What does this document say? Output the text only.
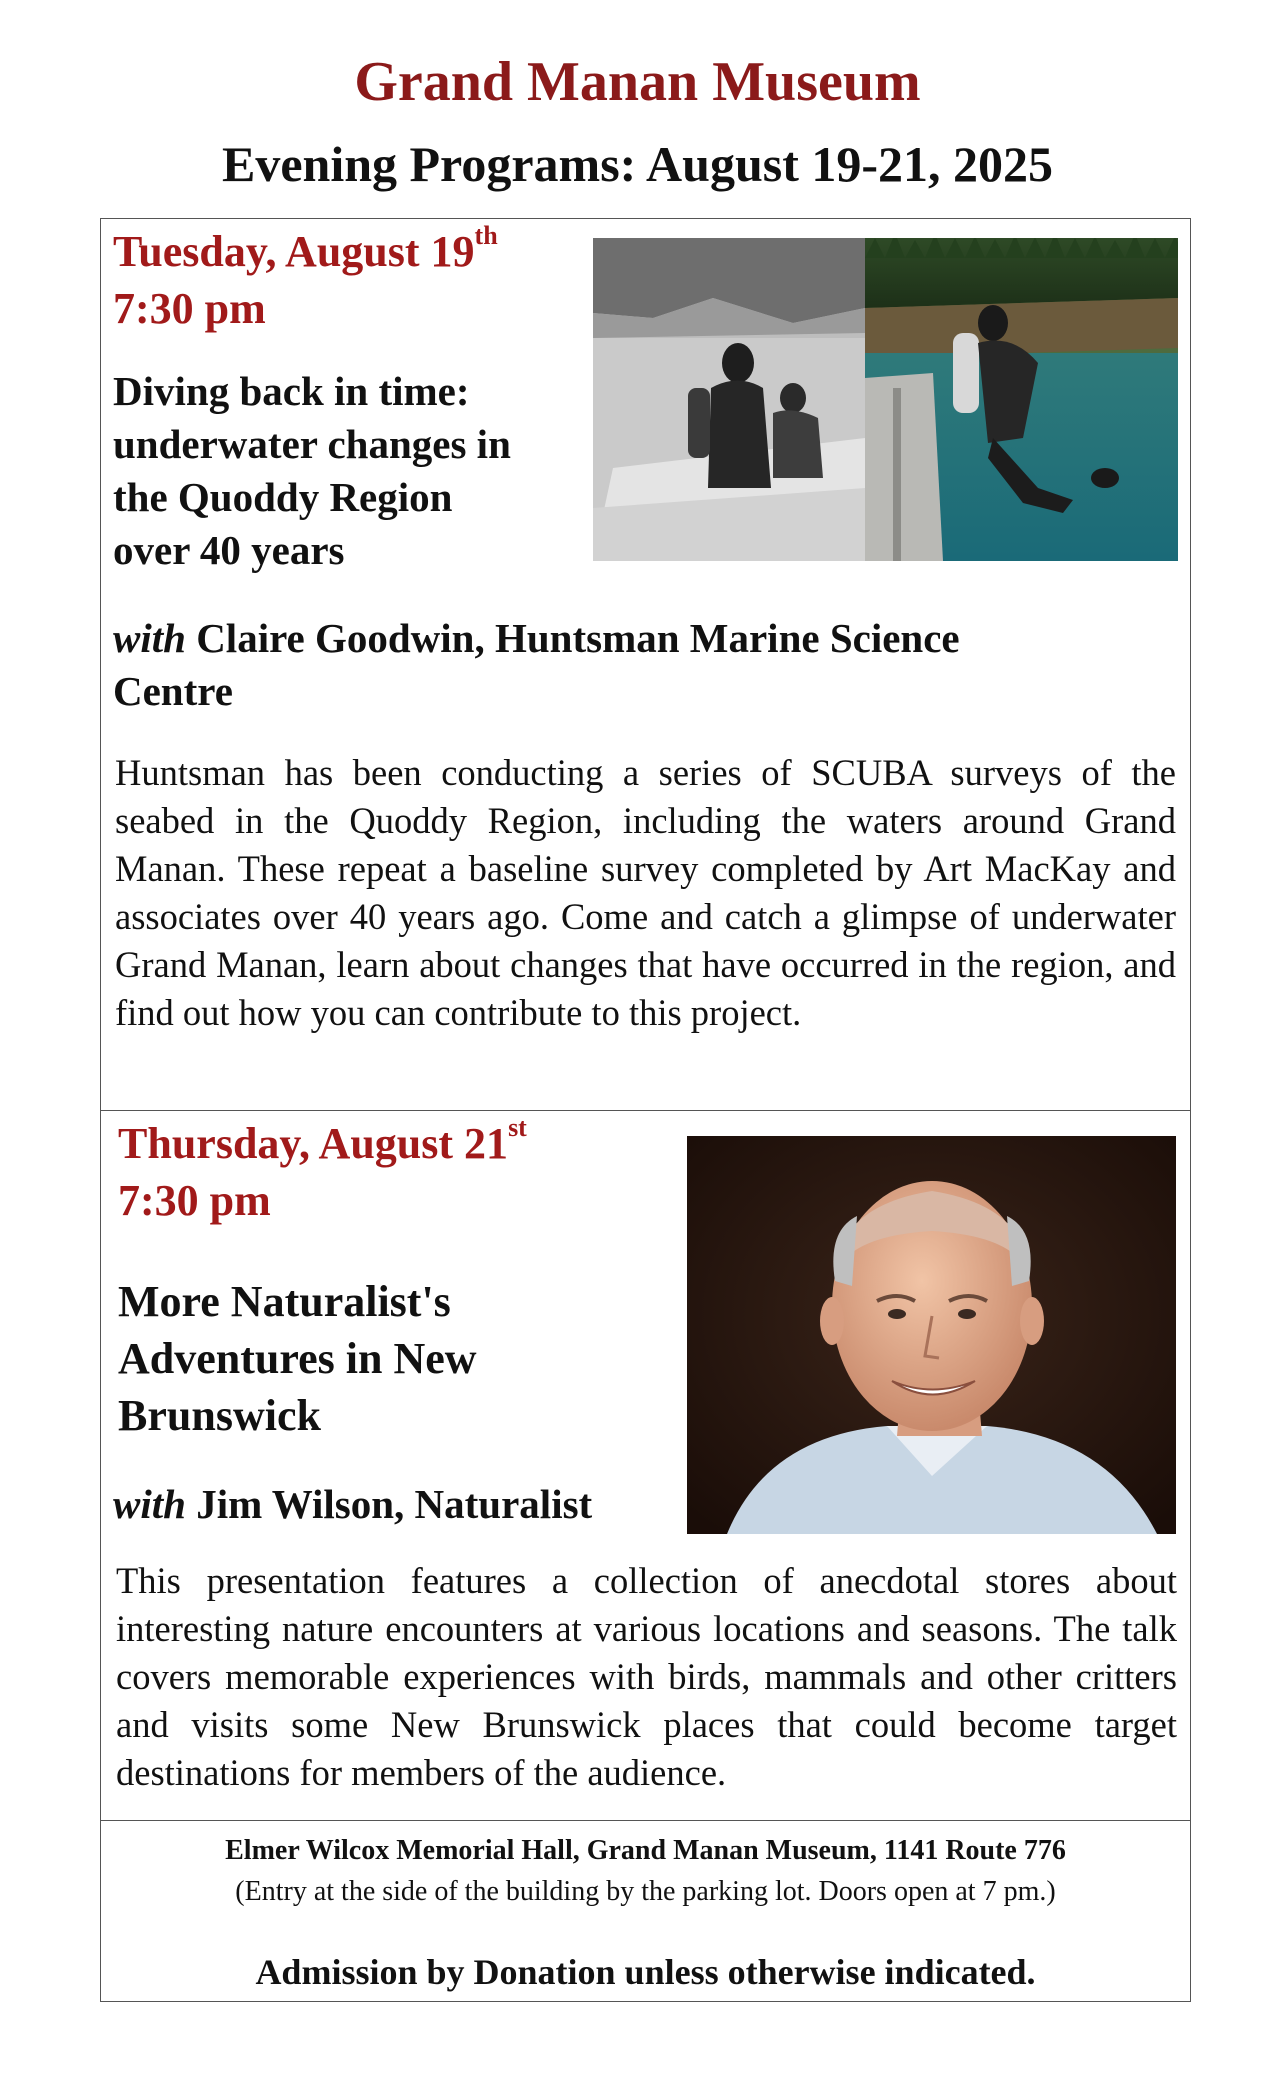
Grand Manan Museum
Evening Programs: August 19-21, 2025
Tuesday, August 19th
7:30 pm
Diving back in time:
underwater changes in
the Quoddy Region
over 40 years
with Claire Goodwin, Huntsman Marine Science
Centre
Huntsman has been conducting a series of SCUBA surveys of the seabed in the Quoddy Region, including the waters around Grand Manan. These repeat a baseline survey completed by Art MacKay and associates over 40 years ago. Come and catch a glimpse of underwater Grand Manan, learn about changes that have occurred in the region, and find out how you can contribute to this project.
Thursday, August 21st
7:30 pm
More Naturalist's
Adventures in New
Brunswick
with Jim Wilson, Naturalist
This presentation features a collection of anecdotal stores about interesting nature encounters at various locations and seasons. The talk covers memorable experiences with birds, mammals and other critters and visits some New Brunswick places that could become target destinations for members of the audience.
Elmer Wilcox Memorial Hall, Grand Manan Museum, 1141 Route 776
(Entry at the side of the building by the parking lot. Doors open at 7 pm.)
Admission by Donation unless otherwise indicated.
